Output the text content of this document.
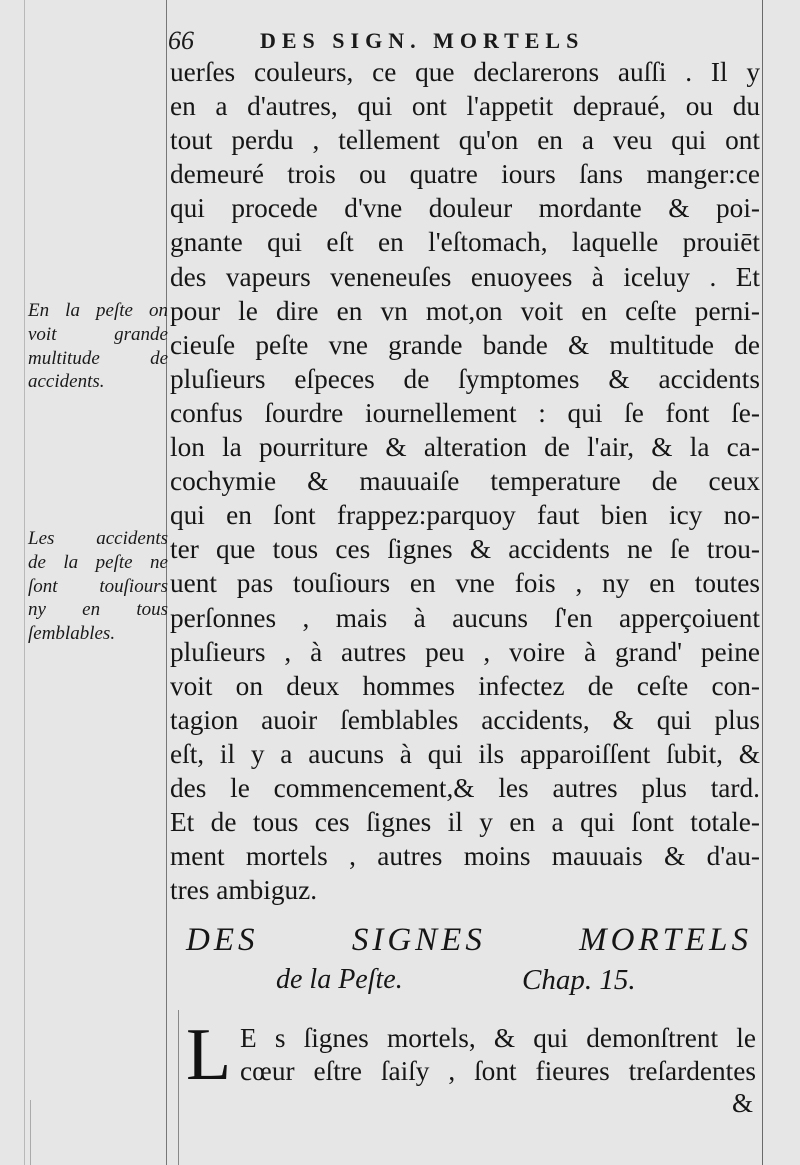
66	DES SIGN. MORTELS
uerſes couleurs, ce que declarerons auſſi . Il y
en a d'autres, qui ont l'appetit depraué, ou du
tout perdu , tellement qu'on en a veu qui ont
demeuré trois ou quatre iours ſans manger:ce
qui procede d'vne douleur mordante & poi-
gnante qui eſt en l'eſtomach, laquelle prouiēt
des vapeurs veneneuſes enuoyees à iceluy . Et
pour le dire en vn mot,on voit en ceſte perni-
cieuſe peſte vne grande bande & multitude de
pluſieurs eſpeces de ſymptomes & accidents
confus ſourdre iournellement : qui ſe font ſe-
lon la pourriture & alteration de l'air, & la ca-
cochymie & mauuaiſe temperature de ceux
qui en ſont frappez:parquoy faut bien icy no-
ter que tous ces ſignes & accidents ne ſe trou-
uent pas touſiours en vne fois , ny en toutes
perſonnes , mais à aucuns ſ'en apperçoiuent
pluſieurs , à autres peu , voire à grand' peine
voit on deux hommes infectez de ceſte con-
tagion auoir ſemblables accidents, & qui plus
eſt, il y a aucuns à qui ils apparoiſſent ſubit, &
des le commencement,& les autres plus tard.
Et de tous ces ſignes il y en a qui ſont totale-
ment mortels , autres moins mauuais & d'au-
tres ambiguz.
En la peſte on
voit grande
multitude de
accidents.
Les accidents
de la peſte ne
ſont touſiours
ny en tous
ſemblables.
DES SIGNES MORTELS
de la Peſte.	Chap. 15.
L E s ſignes mortels, & qui demonſtrent le
cœur eſtre ſaiſy , ſont fieures treſardentes
&
